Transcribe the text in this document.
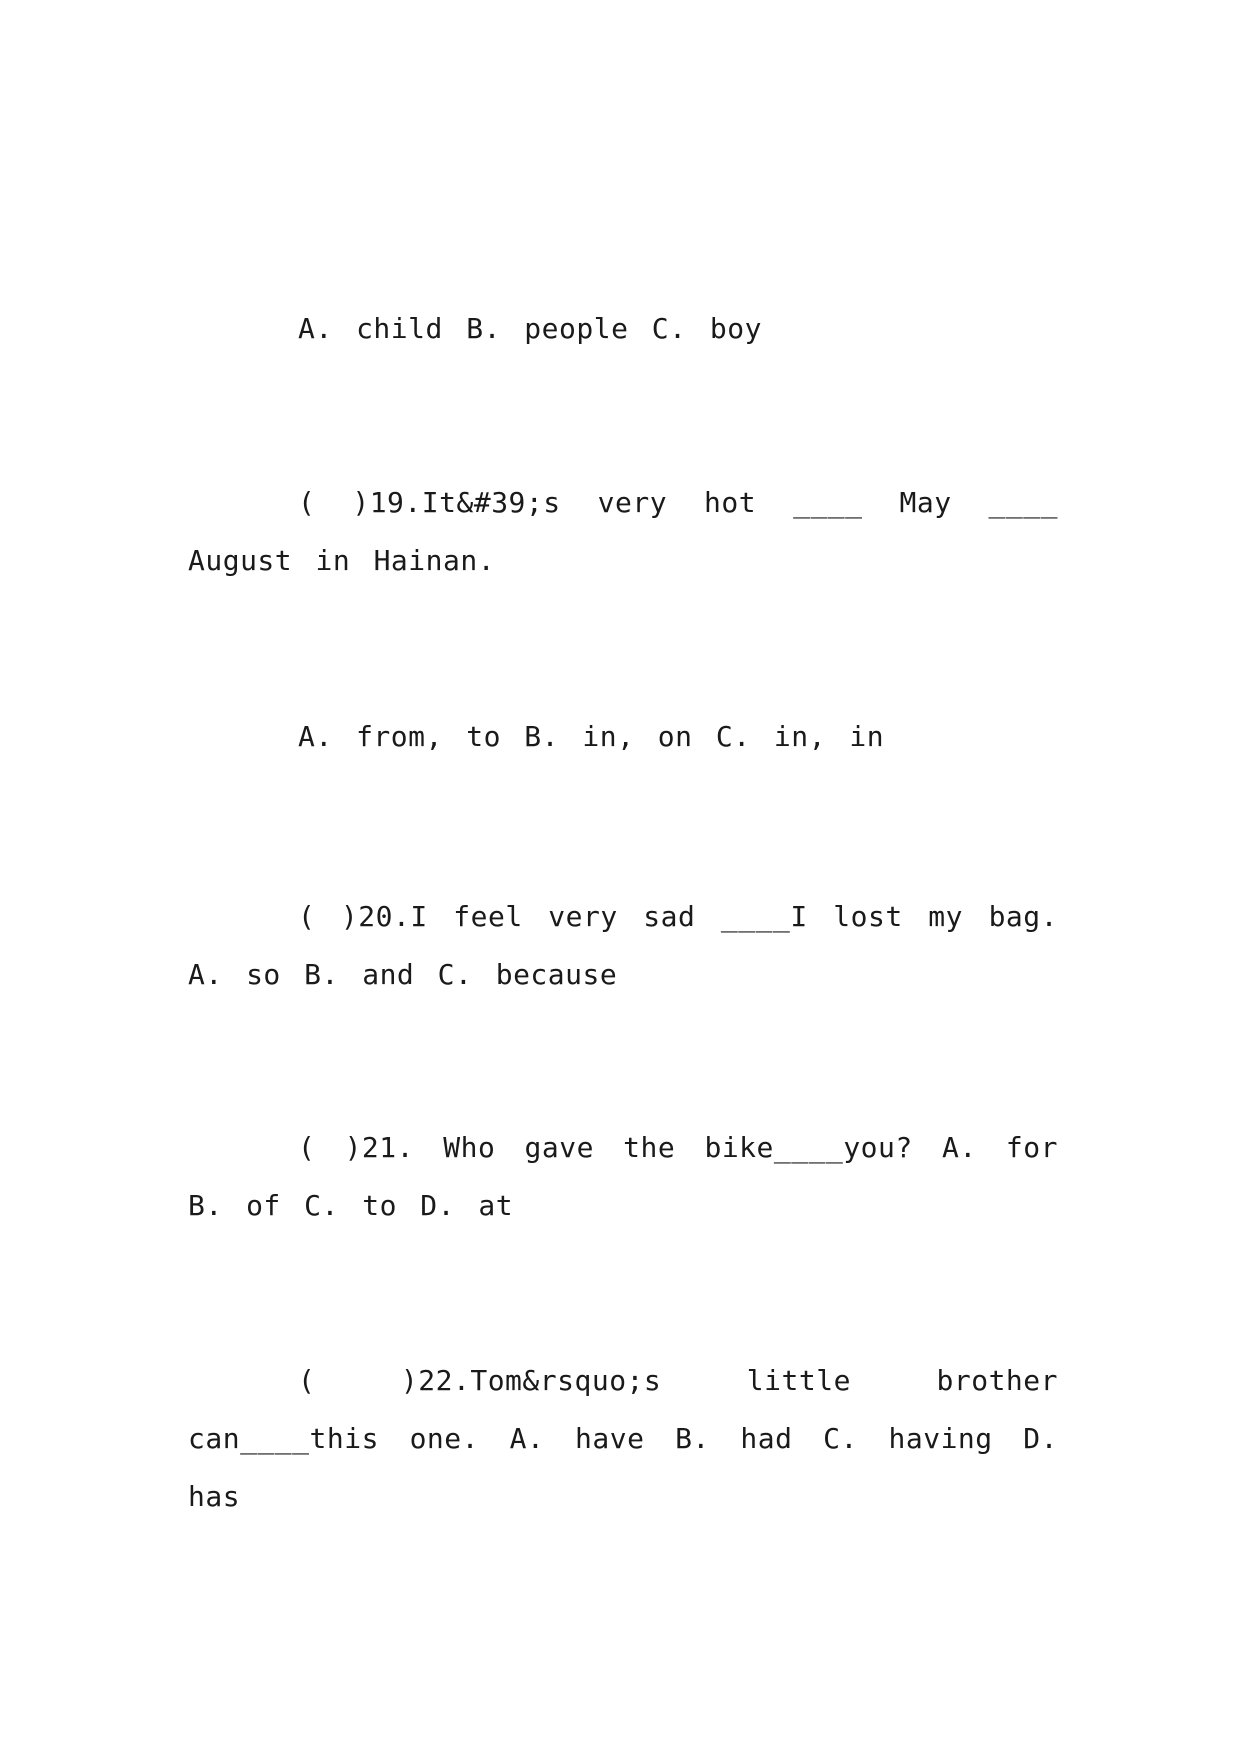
A. child B. people C. boy

( )19.It&#39;s very hot ____ May ____ August in Hainan.

A. from, to B. in, on C. in, in

( )20.I feel very sad ____I lost my bag. A. so B. and C. because

( )21. Who gave the bike____you? A. for B. of C. to D. at

( )22.Tom&rsquo;s little brother can____this one. A. have B. had C. having D. has
